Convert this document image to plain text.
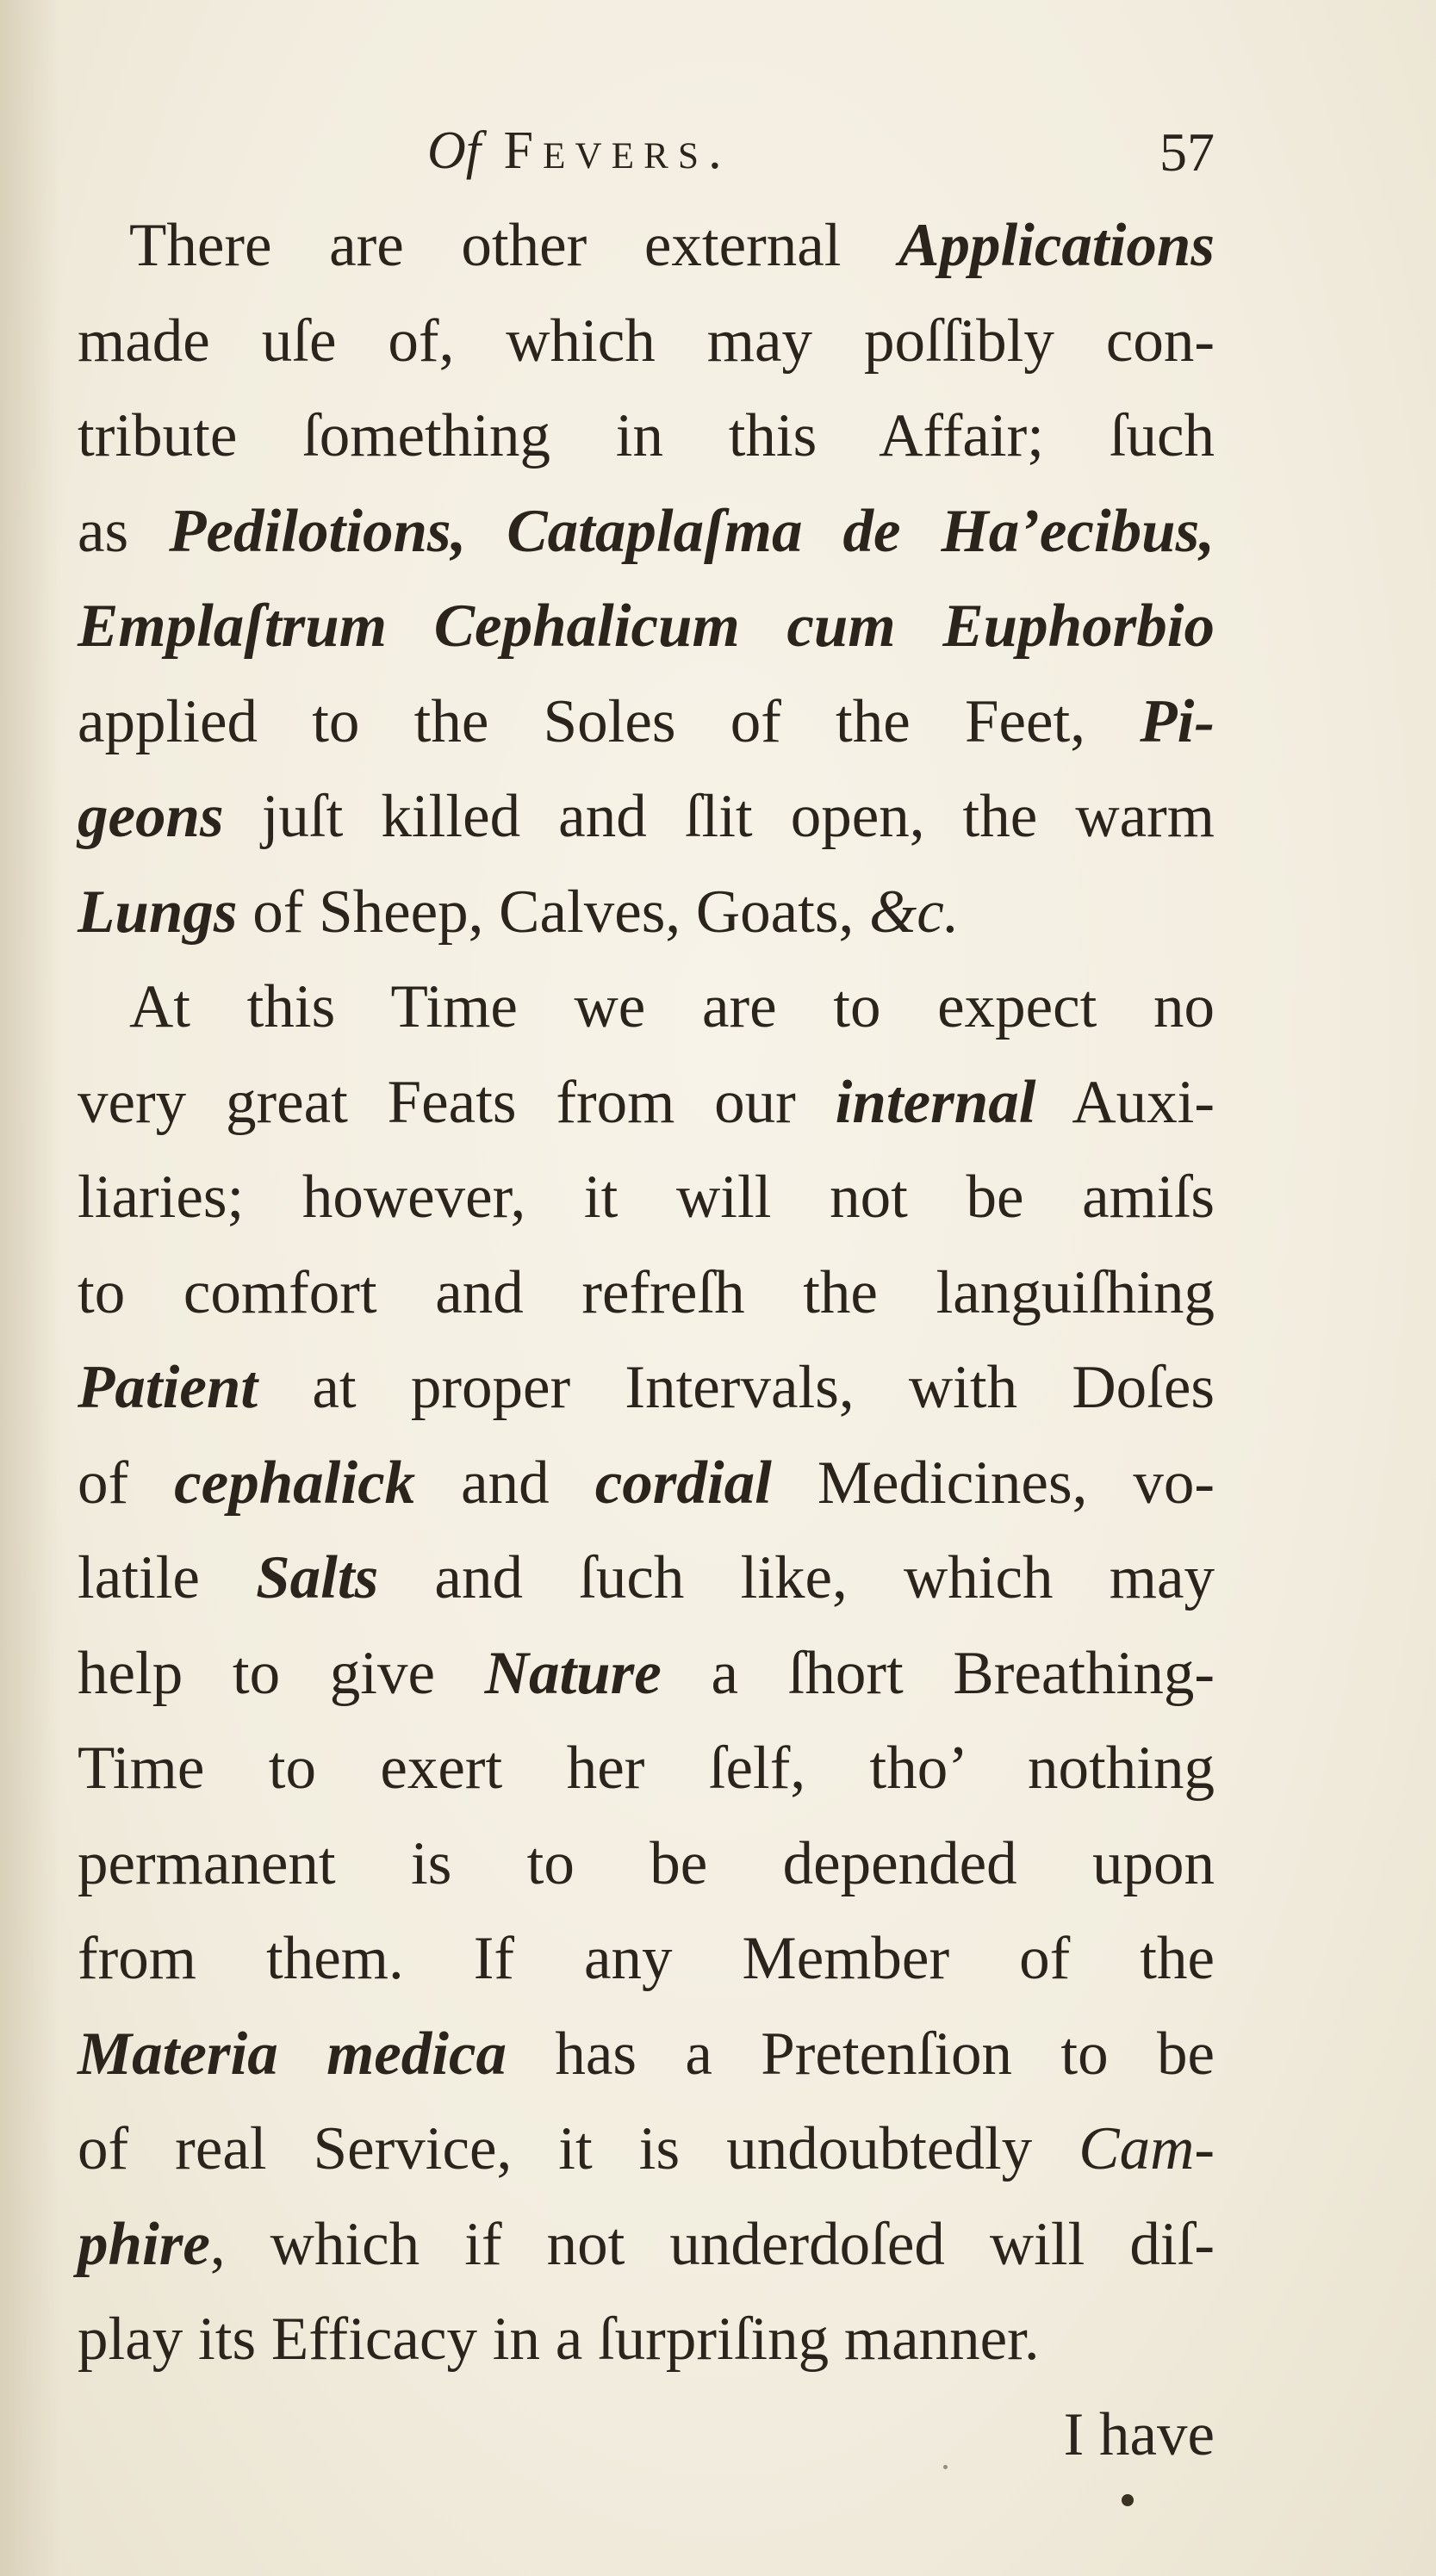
Of Fevers.	57
There are other external Applications
made uſe of, which may poſſibly con-
tribute ſomething in this Affair; ſuch
as Pedilotions, Cataplaſma de Ha’ecibus,
Emplaſtrum Cephalicum cum Euphorbio
applied to the Soles of the Feet, Pi-
geons juſt killed and ſlit open, the warm
Lungs of Sheep, Calves, Goats, &c.
At this Time we are to expect no
very great Feats from our internal Auxi-
liaries; however, it will not be amiſs
to comfort and refreſh the languiſhing
Patient at proper Intervals, with Doſes
of cephalick and cordial Medicines, vo-
latile Salts and ſuch like, which may
help to give Nature a ſhort Breathing-
Time to exert her ſelf, tho’ nothing
permanent is to be depended upon
from them. If any Member of the
Materia medica has a Pretenſion to be
of real Service, it is undoubtedly Cam-
phire, which if not underdoſed will diſ-
play its Efficacy in a ſurpriſing manner.
I have
